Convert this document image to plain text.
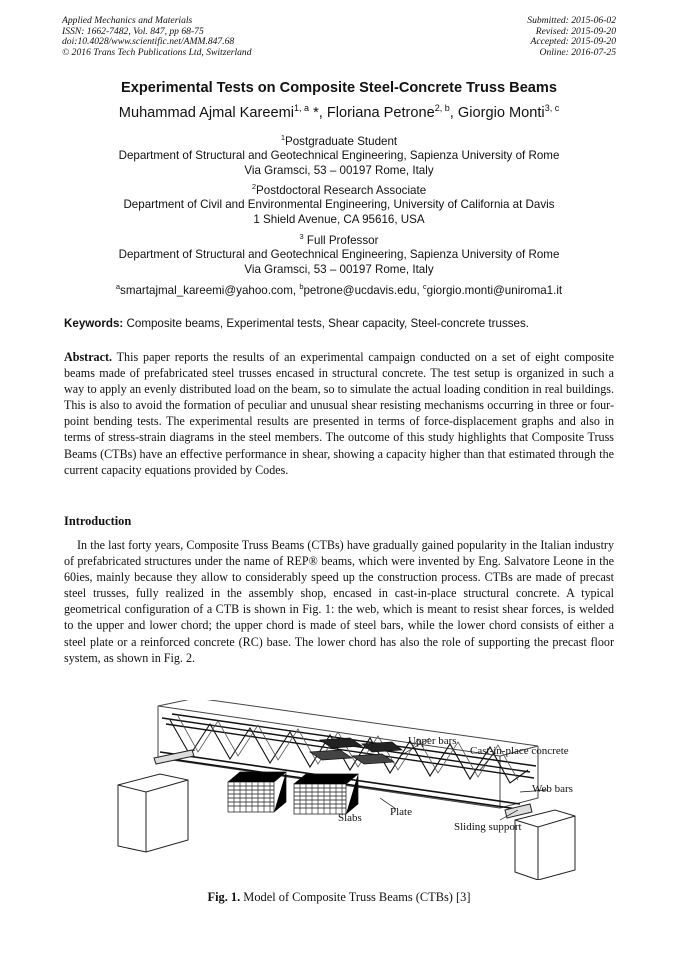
Applied Mechanics and Materials
ISSN: 1662-7482, Vol. 847, pp 68-75
doi:10.4028/www.scientific.net/AMM.847.68
© 2016 Trans Tech Publications Ltd, Switzerland
Submitted: 2015-06-02
Revised: 2015-09-20
Accepted: 2015-09-20
Online: 2016-07-25
Experimental Tests on Composite Steel-Concrete Truss Beams
Muhammad Ajmal Kareemi$^{1, a}$ *, Floriana Petrone$^{2, b}$, Giorgio Monti$^{3, c}$
$^1$Postgraduate Student
Department of Structural and Geotechnical Engineering, Sapienza University of Rome
Via Gramsci, 53 – 00197 Rome, Italy
$^2$Postdoctoral Research Associate
Department of Civil and Environmental Engineering, University of California at Davis
1 Shield Avenue, CA 95616, USA
$^3$ Full Professor
Department of Structural and Geotechnical Engineering, Sapienza University of Rome
Via Gramsci, 53 – 00197 Rome, Italy
$^a$smartajmal_kareemi@yahoo.com, $^b$petrone@ucdavis.edu, $^c$giorgio.monti@uniroma1.it
Keywords: Composite beams, Experimental tests, Shear capacity, Steel-concrete trusses.
Abstract. This paper reports the results of an experimental campaign conducted on a set of eight composite beams made of prefabricated steel trusses encased in structural concrete. The test setup is organized in such a way to apply an evenly distributed load on the beam, so to simulate the actual loading condition in real buildings. This is also to avoid the formation of peculiar and unusual shear resisting mechanisms occurring in three or four-point bending tests. The experimental results are presented in terms of force-displacement graphs and also in terms of stress-strain diagrams in the steel members. The outcome of this study highlights that Composite Truss Beams (CTBs) have an effective performance in shear, showing a capacity higher than that estimated through the current capacity equations provided by Codes.
Introduction
In the last forty years, Composite Truss Beams (CTBs) have gradually gained popularity in the Italian industry of prefabricated structures under the name of REP® beams, which were invented by Eng. Salvatore Leone in the 60ies, mainly because they allow to considerably speed up the construction process. CTBs are made of precast steel trusses, fully realized in the assembly shop, encased in cast-in-place structural concrete. A typical geometrical configuration of a CTB is shown in Fig. 1: the web, which is meant to resist shear forces, is welded to the upper and lower chord; the upper chord is made of steel bars, while the lower chord consists of either a steel plate or a reinforced concrete (RC) base. The lower chord has also the role of supporting the precast floor system, as shown in Fig. 2.
Upper bars
Cast-in-place concrete
Web bars
Slabs	Plate
Sliding support
Fig. 1. Model of Composite Truss Beams (CTBs) [3]
